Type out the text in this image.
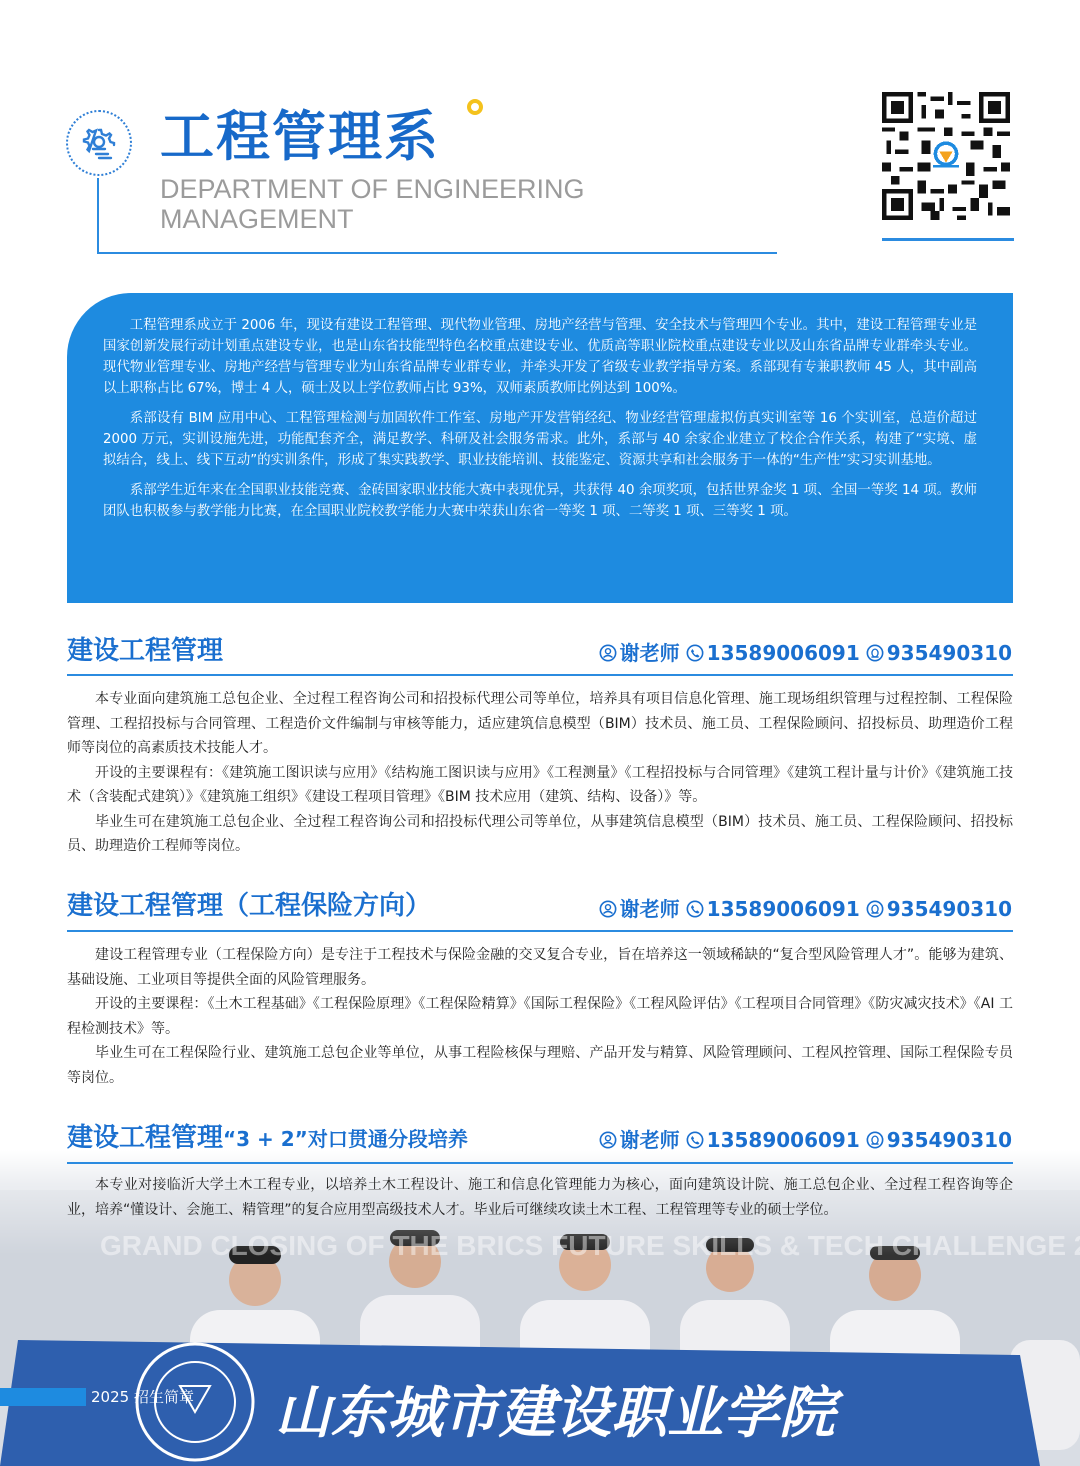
工程管理系
DEPARTMENT OF ENGINEERING MANAGEMENT

工程管理系成立于 2006 年，现设有建设工程管理、现代物业管理、房地产经营与管理、安全技术与管理四个专业。其中，建设工程管理专业是国家创新发展行动计划重点建设专业，也是山东省技能型特色名校重点建设专业、优质高等职业院校重点建设专业以及山东省品牌专业群牵头专业。现代物业管理专业、房地产经营与管理专业为山东省品牌专业群专业，并牵头开发了省级专业教学指导方案。系部现有专兼职教师 45 人，其中副高以上职称占比 67%，博士 4 人，硕士及以上学位教师占比 93%，双师素质教师比例达到 100%。

系部设有 BIM 应用中心、工程管理检测与加固软件工作室、房地产开发营销经纪、物业经营管理虚拟仿真实训室等 16 个实训室，总造价超过 2000 万元，实训设施先进，功能配套齐全，满足教学、科研及社会服务需求。此外，系部与 40 余家企业建立了校企合作关系，构建了“实境、虚拟结合，线上、线下互动”的实训条件，形成了集实践教学、职业技能培训、技能鉴定、资源共享和社会服务于一体的“生产性”实习实训基地。

系部学生近年来在全国职业技能竞赛、金砖国家职业技能大赛中表现优异，共获得 40 余项奖项，包括世界金奖 1 项、全国一等奖 14 项。教师团队也积极参与教学能力比赛，在全国职业院校教学能力大赛中荣获山东省一等奖 1 项、二等奖 1 项、三等奖 1 项。

建设工程管理	谢老师 13589006091 935490310

本专业面向建筑施工总包企业、全过程工程咨询公司和招投标代理公司等单位，培养具有项目信息化管理、施工现场组织管理与过程控制、工程保险管理、工程招投标与合同管理、工程造价文件编制与审核等能力，适应建筑信息模型（BIM）技术员、施工员、工程保险顾问、招投标员、助理造价工程师等岗位的高素质技术技能人才。

开设的主要课程有：《建筑施工图识读与应用》《结构施工图识读与应用》《工程测量》《工程招投标与合同管理》《建筑工程计量与计价》《建筑施工技术（含装配式建筑）》《建筑施工组织》《建设工程项目管理》《BIM 技术应用（建筑、结构、设备）》等。

毕业生可在建筑施工总包企业、全过程工程咨询公司和招投标代理公司等单位，从事建筑信息模型（BIM）技术员、施工员、工程保险顾问、招投标员、助理造价工程师等岗位。

建设工程管理（工程保险方向）	谢老师 13589006091 935490310

建设工程管理专业（工程保险方向）是专注于工程技术与保险金融的交叉复合专业，旨在培养这一领域稀缺的“复合型风险管理人才”。能够为建筑、基础设施、工业项目等提供全面的风险管理服务。

开设的主要课程：《土木工程基础》《工程保险原理》《工程保险精算》《国际工程保险》《工程风险评估》《工程项目合同管理》《防灾减灾技术》《AI 工程检测技术》等。

毕业生可在工程保险行业、建筑施工总包企业等单位，从事工程险核保与理赔、产品开发与精算、风险管理顾问、工程风控管理、国际工程保险专员等岗位。

山东城市建设职业学院
建设工程管理“3 + 2”对口贯通分段培养	谢老师 13589006091 935490310

本专业对接临沂大学土木工程专业，以培养土木工程设计、施工和信息化管理能力为核心，面向建筑设计院、施工总包企业、全过程工程咨询等企业，培养“懂设计、会施工、精管理”的复合应用型高级技术人才。毕业后可继续攻读土木工程、工程管理等专业的硕士学位。

2025 招生简章
